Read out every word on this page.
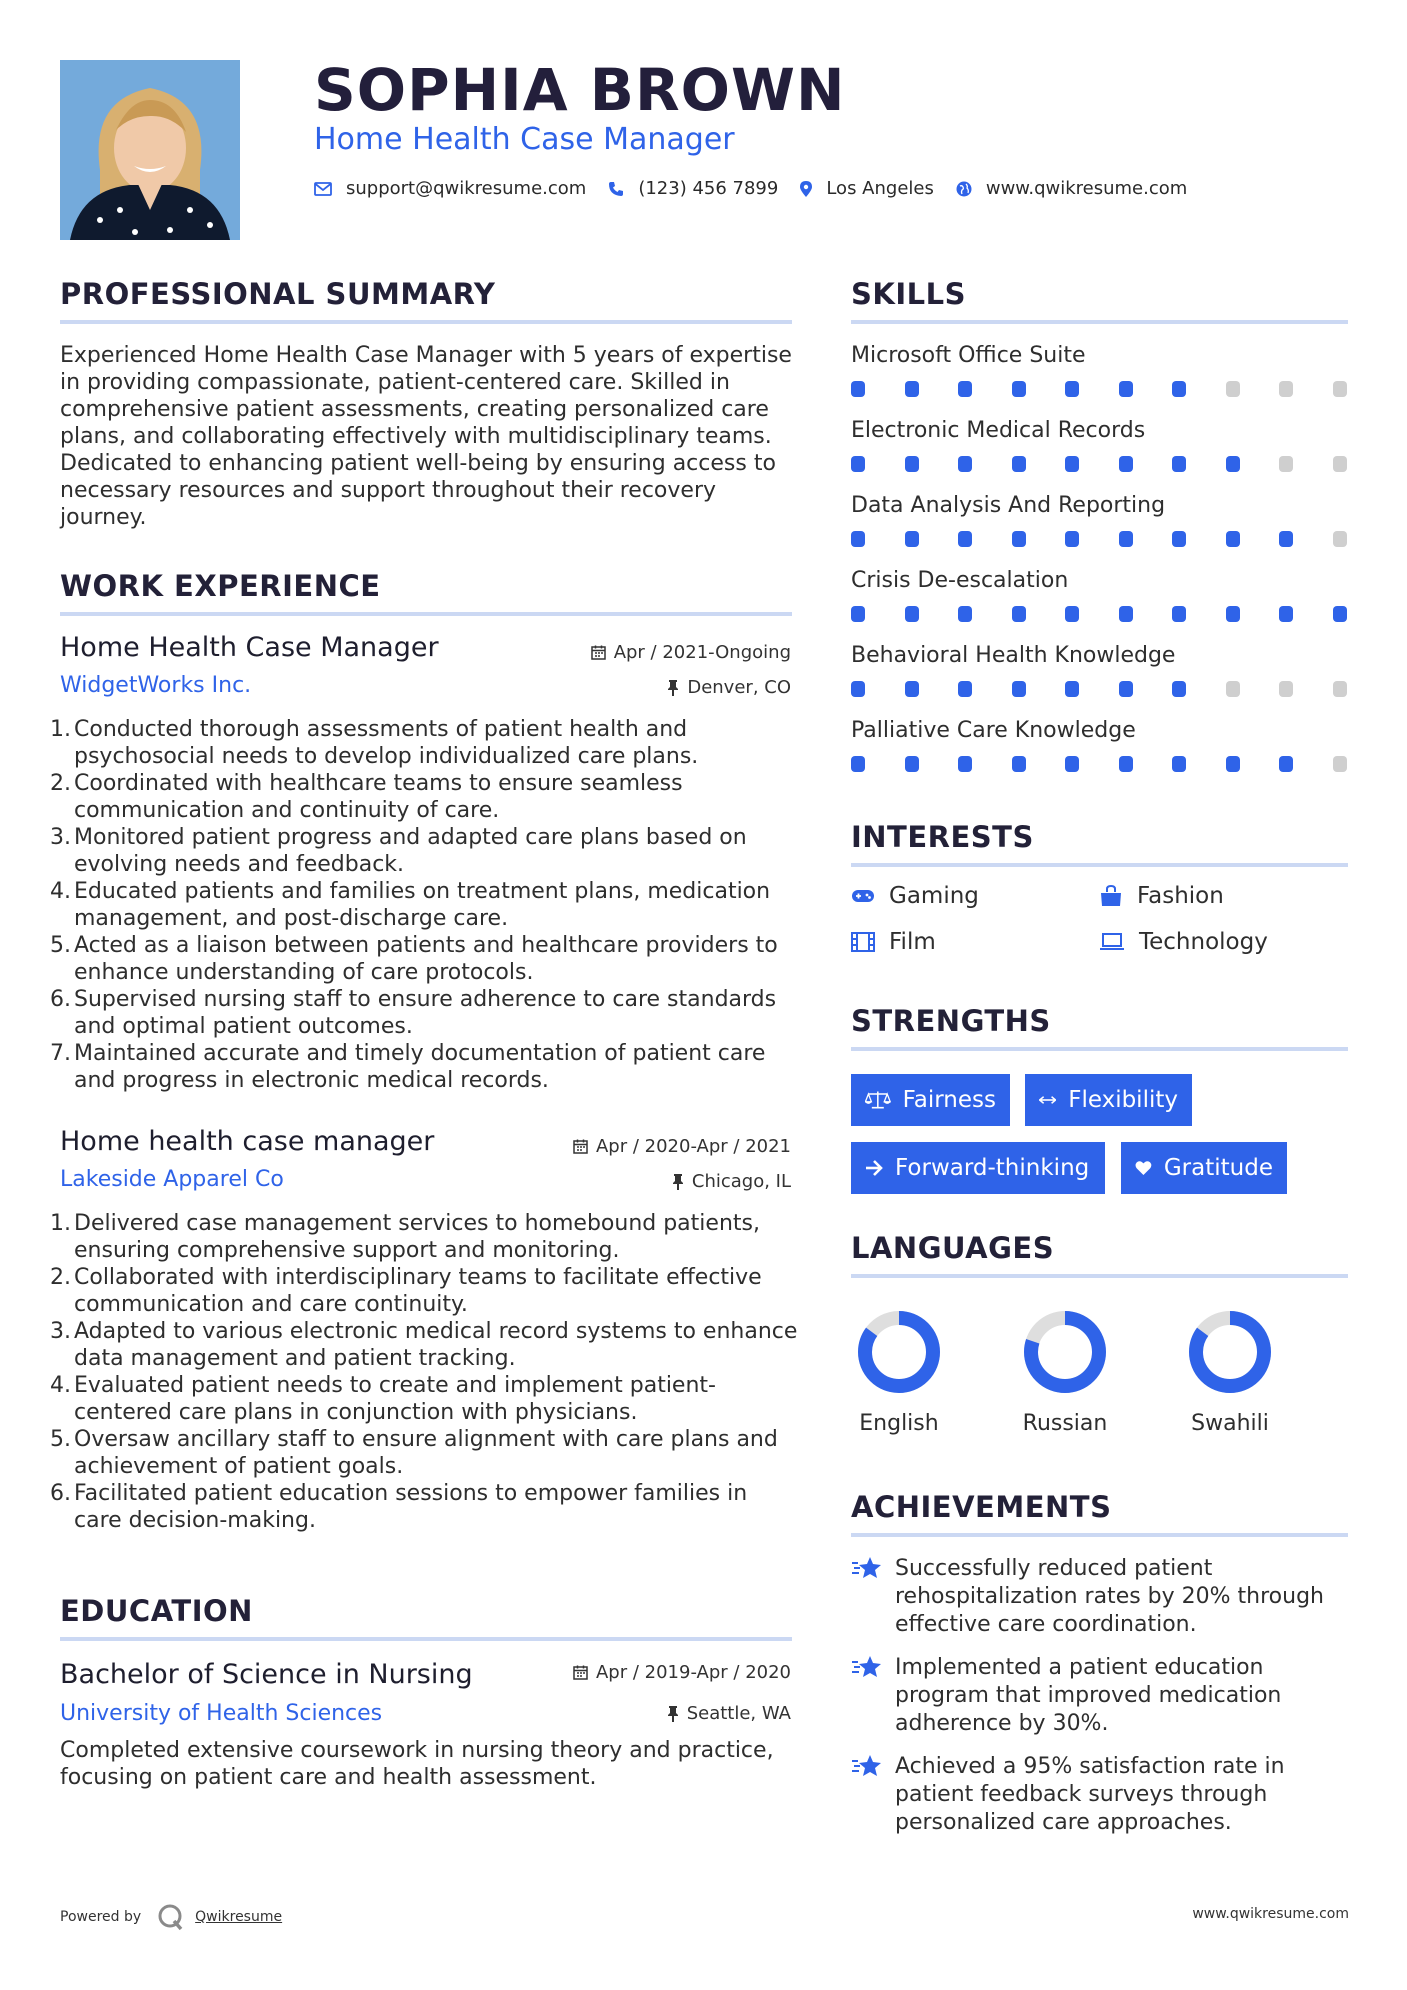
SOPHIA BROWN
Home Health Case Manager
support@qwikresume.com	(123) 456 7899	Los Angeles	www.qwikresume.com
PROFESSIONAL SUMMARY
Experienced Home Health Case Manager with 5 years of expertise in providing compassionate, patient-centered care. Skilled in comprehensive patient assessments, creating personalized care plans, and collaborating effectively with multidisciplinary teams. Dedicated to enhancing patient well-being by ensuring access to necessary resources and support throughout their recovery journey.
WORK EXPERIENCE
Home Health Case Manager	Apr / 2021-Ongoing
WidgetWorks Inc.	Denver, CO
1. Conducted thorough assessments of patient health and psychosocial needs to develop individualized care plans.
2. Coordinated with healthcare teams to ensure seamless communication and continuity of care.
3. Monitored patient progress and adapted care plans based on evolving needs and feedback.
4. Educated patients and families on treatment plans, medication management, and post-discharge care.
5. Acted as a liaison between patients and healthcare providers to enhance understanding of care protocols.
6. Supervised nursing staff to ensure adherence to care standards and optimal patient outcomes.
7. Maintained accurate and timely documentation of patient care and progress in electronic medical records.
Home health case manager	Apr / 2020-Apr / 2021
Lakeside Apparel Co	Chicago, IL
1. Delivered case management services to homebound patients, ensuring comprehensive support and monitoring.
2. Collaborated with interdisciplinary teams to facilitate effective communication and care continuity.
3. Adapted to various electronic medical record systems to enhance data management and patient tracking.
4. Evaluated patient needs to create and implement patient-centered care plans in conjunction with physicians.
5. Oversaw ancillary staff to ensure alignment with care plans and achievement of patient goals.
6. Facilitated patient education sessions to empower families in care decision-making.
EDUCATION
Bachelor of Science in Nursing	Apr / 2019-Apr / 2020
University of Health Sciences	Seattle, WA
Completed extensive coursework in nursing theory and practice, focusing on patient care and health assessment.
SKILLS
Microsoft Office Suite
Electronic Medical Records
Data Analysis And Reporting
Crisis De-escalation
Behavioral Health Knowledge
Palliative Care Knowledge
INTERESTS
Gaming	Fashion
Film	Technology
STRENGTHS
Fairness	Flexibility
Forward-thinking	Gratitude
LANGUAGES
English	Russian	Swahili
ACHIEVEMENTS
Successfully reduced patient rehospitalization rates by 20% through effective care coordination.
Implemented a patient education program that improved medication adherence by 30%.
Achieved a 95% satisfaction rate in patient feedback surveys through personalized care approaches.
Powered by	Qwikresume	www.qwikresume.com
